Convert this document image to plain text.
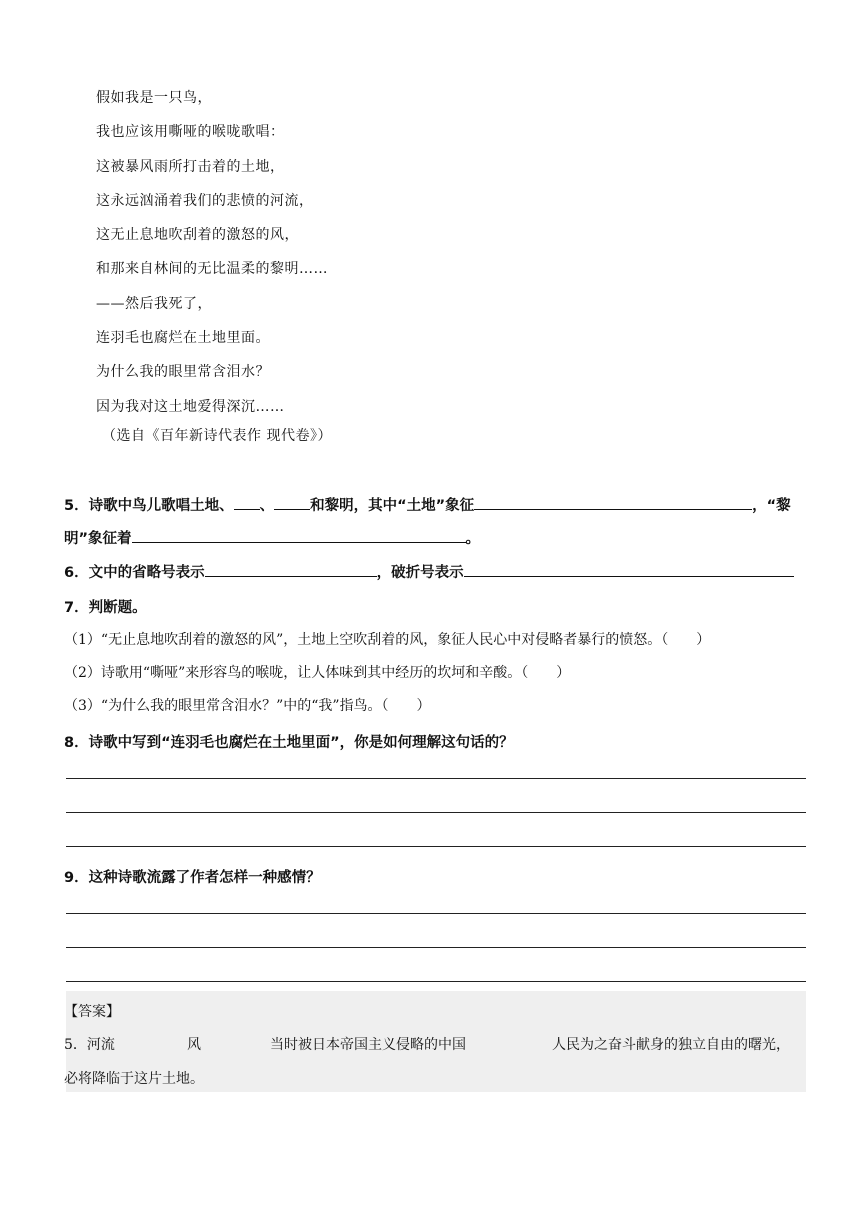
假如我是一只鸟，
我也应该用嘶哑的喉咙歌唱：
这被暴风雨所打击着的土地，
这永远汹涌着我们的悲愤的河流，
这无止息地吹刮着的激怒的风，
和那来自林间的无比温柔的黎明……
——然后我死了，
连羽毛也腐烂在土地里面。
为什么我的眼里常含泪水？
因为我对这土地爱得深沉……
（选自《百年新诗代表作 现代卷》）
5．诗歌中鸟儿歌唱土地、 、 和黎明，其中“土地”象征	，“黎
明”象征着	。
6．文中的省略号表示	，破折号表示
7．判断题。
（1）“无止息地吹刮着的激怒的风”，土地上空吹刮着的风，象征人民心中对侵略者暴行的愤怒。（　　）
（2）诗歌用“嘶哑”来形容鸟的喉咙，让人体味到其中经历的坎坷和辛酸。（　　）
（3）“为什么我的眼里常含泪水？”中的“我”指鸟。（　　）
8．诗歌中写到“连羽毛也腐烂在土地里面”，你是如何理解这句话的？
9．这种诗歌流露了作者怎样一种感情？
【答案】
5．河流	风	当时被日本帝国主义侵略的中国	人民为之奋斗献身的独立自由的曙光，
必将降临于这片土地。
